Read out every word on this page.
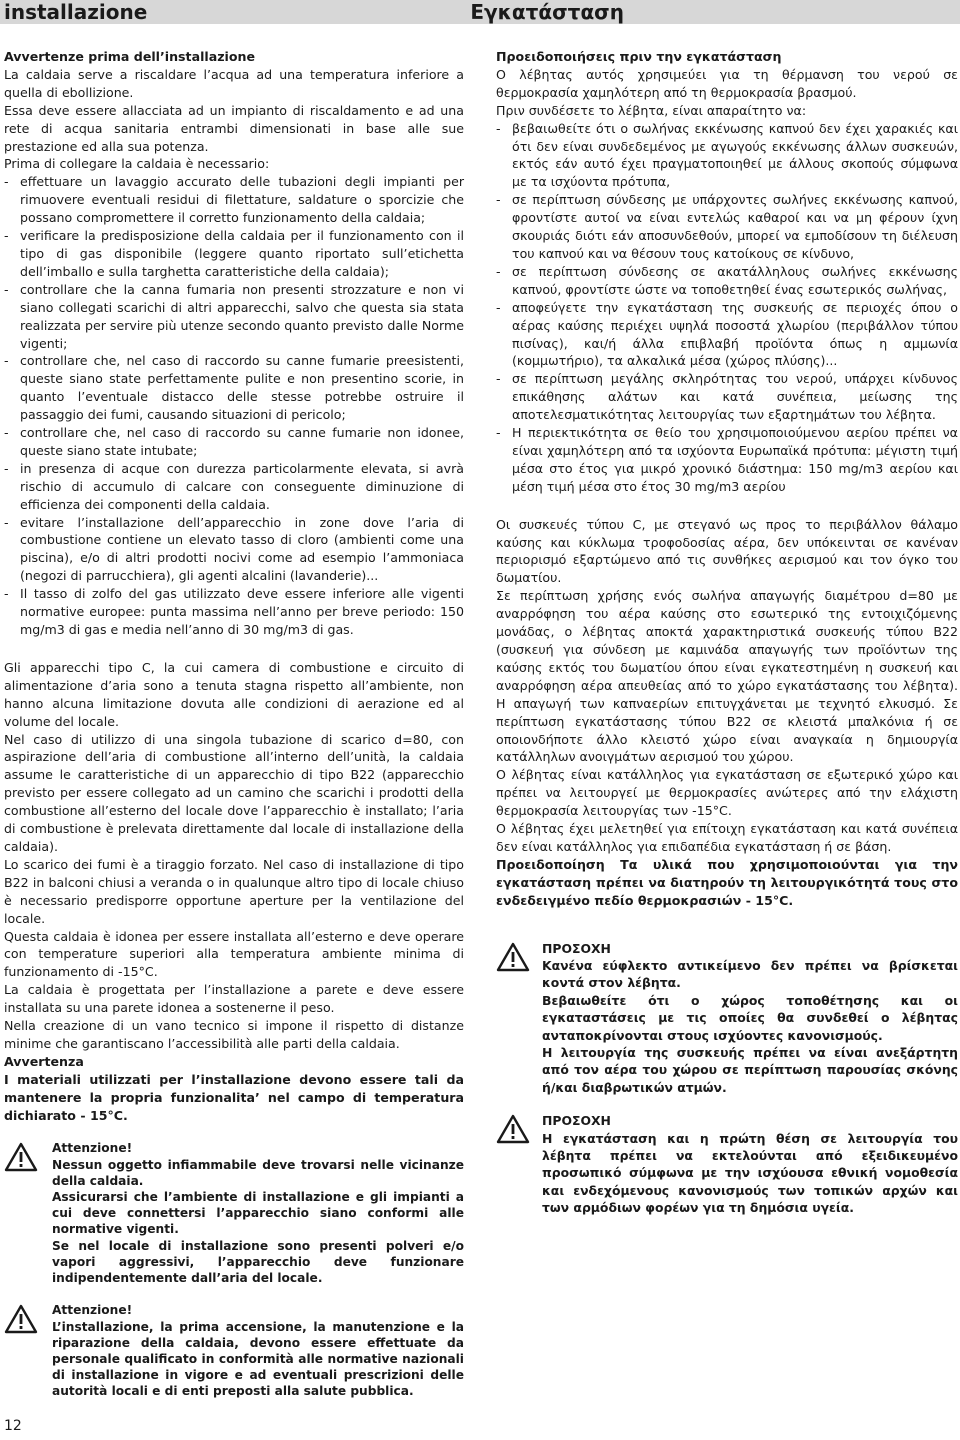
installazione	Εγκατάσταση

Avvertenze prima dell’installazione

La caldaia serve a riscaldare l’acqua ad una temperatura inferiore a quella di ebollizione.

Essa deve essere allacciata ad un impianto di riscaldamento e ad una rete di acqua sanitaria entrambi dimensionati in base alle sue prestazione ed alla sua potenza.

Prima di collegare la caldaia è necessario:

- effettuare un lavaggio accurato delle tubazioni degli impianti per rimuovere eventuali residui di filettature, saldature o sporcizie che possano compromettere il corretto funzionamento della caldaia;
- verificare la predisposizione della caldaia per il funzionamento con il tipo di gas disponibile (leggere quanto riportato sull’etichetta dell’imballo e sulla targhetta caratteristiche della caldaia);
- controllare che la canna fumaria non presenti strozzature e non vi siano collegati scarichi di altri apparecchi, salvo che questa sia stata realizzata per servire più utenze secondo quanto previsto dalle Norme vigenti;
- controllare che, nel caso di raccordo su canne fumarie preesistenti, queste siano state perfettamente pulite e non presentino scorie, in quanto l’eventuale distacco delle stesse potrebbe ostruire il passaggio dei fumi, causando situazioni di pericolo;
- controllare che, nel caso di raccordo su canne fumarie non idonee, queste siano state intubate;
- in presenza di acque con durezza particolarmente elevata, si avrà rischio di accumulo di calcare con conseguente diminuzione di efficienza dei componenti della caldaia.
- evitare l’installazione dell’apparecchio in zone dove l’aria di combustione contiene un elevato tasso di cloro (ambienti come una piscina), e/o di altri prodotti nocivi come ad esempio l’ammoniaca (negozi di parrucchiera), gli agenti alcalini (lavanderie)...
- Il tasso di zolfo del gas utilizzato deve essere inferiore alle vigenti normative europee: punta massima nell’anno per breve periodo: 150 mg/m3 di gas e media nell’anno di 30 mg/m3 di gas.

Gli apparecchi tipo C, la cui camera di combustione e circuito di alimentazione d’aria sono a tenuta stagna rispetto all’ambiente, non hanno alcuna limitazione dovuta alle condizioni di aerazione ed al volume del locale.

Nel caso di utilizzo di una singola tubazione di scarico d=80, con aspirazione dell’aria di combustione all’interno dell’unità, la caldaia assume le caratteristiche di un apparecchio di tipo B22 (apparecchio previsto per essere collegato ad un camino che scarichi i prodotti della combustione all’esterno del locale dove l’apparecchio è installato; l’aria di combustione è prelevata direttamente dal locale di installazione della caldaia).

Lo scarico dei fumi è a tiraggio forzato. Nel caso di installazione di tipo B22 in balconi chiusi a veranda o in qualunque altro tipo di locale chiuso è necessario predisporre opportune aperture per la ventilazione del locale.

Questa caldaia è idonea per essere installata all’esterno e deve operare con temperature superiori alla temperatura ambiente minima di funzionamento di -15°C.

La caldaia è progettata per l’installazione a parete e deve essere installata su una parete idonea a sostenerne il peso.

Nella creazione di un vano tecnico si impone il rispetto di distanze minime che garantiscano l’accessibilità alle parti della caldaia.

Avvertenza

I materiali utilizzati per l’installazione devono essere tali da mantenere la propria funzionalita’ nel campo di temperatura dichiarato - 15°C.

Attenzione!

Nessun oggetto infiammabile deve trovarsi nelle vicinanze della caldaia.

Assicurarsi che l’ambiente di installazione e gli impianti a cui deve connettersi l’apparecchio siano conformi alle normative vigenti.

Se nel locale di installazione sono presenti polveri e/o vapori aggressivi, l’apparecchio deve funzionare indipendentemente dall’aria del locale.

Attenzione!

L’installazione, la prima accensione, la manutenzione e la riparazione della caldaia, devono essere effettuate da personale qualificato in conformità alle normative nazionali di installazione in vigore e ad eventuali prescrizioni delle autorità locali e di enti preposti alla salute pubblica.

Προειδοποιήσεις πριν την εγκατάσταση

Ο λέβητας αυτός χρησιμεύει για τη θέρμανση του νερού σε θερμοκρασία χαμηλότερη από τη θερμοκρασία βρασμού.

Πριν συνδέσετε το λέβητα, είναι απαραίτητο να:

- βεβαιωθείτε ότι ο σωλήνας εκκένωσης καπνού δεν έχει χαρακιές και ότι δεν είναι συνδεδεμένος με αγωγούς εκκένωσης άλλων συσκευών, εκτός εάν αυτό έχει πραγματοποιηθεί με άλλους σκοπούς σύμφωνα με τα ισχύοντα πρότυπα,
- σε περίπτωση σύνδεσης με υπάρχοντες σωλήνες εκκένωσης καπνού, φροντίστε αυτοί να είναι εντελώς καθαροί και να μη φέρουν ίχνη σκουριάς διότι εάν αποσυνδεθούν, μπορεί να εμποδίσουν τη διέλευση του καπνού και να θέσουν τους κατοίκους σε κίνδυνο,
- σε περίπτωση σύνδεσης σε ακατάλληλους σωλήνες εκκένωσης καπνού, φροντίστε ώστε να τοποθετηθεί ένας εσωτερικός σωλήνας,
- αποφεύγετε την εγκατάσταση της συσκευής σε περιοχές όπου ο αέρας καύσης περιέχει υψηλά ποσοστά χλωρίου (περιβάλλον τύπου πισίνας), και/ή άλλα επιβλαβή προϊόντα όπως η αμμωνία (κομμωτήριο), τα αλκαλικά μέσα (χώρος πλύσης)...
- σε περίπτωση μεγάλης σκληρότητας του νερού, υπάρχει κίνδυνος επικάθησης αλάτων και κατά συνέπεια, μείωσης της αποτελεσματικότητας λειτουργίας των εξαρτημάτων του λέβητα.
- Η περιεκτικότητα σε θείο του χρησιμοποιούμενου αερίου πρέπει να είναι χαμηλότερη από τα ισχύοντα Ευρωπαϊκά πρότυπα: μέγιστη τιμή μέσα στο έτος για μικρό χρονικό διάστημα: 150 mg/m3 αερίου και μέση τιμή μέσα στο έτος 30 mg/m3 αερίου

Οι συσκευές τύπου C, με στεγανό ως προς το περιβάλλον θάλαμο καύσης και κύκλωμα τροφοδοσίας αέρα, δεν υπόκεινται σε κανέναν περιορισμό εξαρτώμενο από τις συνθήκες αερισμού και τον όγκο του δωματίου.

Σε περίπτωση χρήσης ενός σωλήνα απαγωγής διαμέτρου d=80 με αναρρόφηση του αέρα καύσης στο εσωτερικό της εντοιχιζόμενης μονάδας, ο λέβητας αποκτά χαρακτηριστικά συσκευής τύπου B22 (συσκευή για σύνδεση με καμινάδα απαγωγής των προϊόντων της καύσης εκτός του δωματίου όπου είναι εγκατεστημένη η συσκευή και αναρρόφηση αέρα απευθείας από το χώρο εγκατάστασης του λέβητα). Η απαγωγή των καπναερίων επιτυγχάνεται με τεχνητό ελκυσμό. Σε περίπτωση εγκατάστασης τύπου B22 σε κλειστά μπαλκόνια ή σε οποιονδήποτε άλλο κλειστό χώρο είναι αναγκαία η δημιουργία κατάλληλων ανοιγμάτων αερισμού του χώρου.

Ο λέβητας είναι κατάλληλος για εγκατάσταση σε εξωτερικό χώρο και πρέπει να λειτουργεί με θερμοκρασίες ανώτερες από την ελάχιστη θερμοκρασία λειτουργίας των -15°C.

Ο λέβητας έχει μελετηθεί για επίτοιχη εγκατάσταση και κατά συνέπεια δεν είναι κατάλληλος για επιδαπέδια εγκατάσταση ή σε βάση.

Προειδοποίηση Τα υλικά που χρησιμοποιούνται για την εγκατάσταση πρέπει να διατηρούν τη λειτουργικότητά τους στο ενδεδειγμένο πεδίο θερμοκρασιών - 15°C.

ΠΡΟΣΟΧΗ

Κανένα εύφλεκτο αντικείμενο δεν πρέπει να βρίσκεται κοντά στον λέβητα.

Βεβαιωθείτε ότι ο χώρος τοποθέτησης και οι εγκαταστάσεις με τις οποίες θα συνδεθεί ο λέβητας ανταποκρίνονται στους ισχύοντες κανονισμούς.

Η λειτουργία της συσκευής πρέπει να είναι ανεξάρτητη από τον αέρα του χώρου σε περίπτωση παρουσίας σκόνης ή/και διαβρωτικών ατμών.

ΠΡΟΣΟΧΗ

Η εγκατάσταση και η πρώτη θέση σε λειτουργία του λέβητα πρέπει να εκτελούνται από εξειδικευμένο προσωπικό σύμφωνα με την ισχύουσα εθνική νομοθεσία και ενδεχόμενους κανονισμούς των τοπικών αρχών και των αρμόδιων φορέων για τη δημόσια υγεία.

12
